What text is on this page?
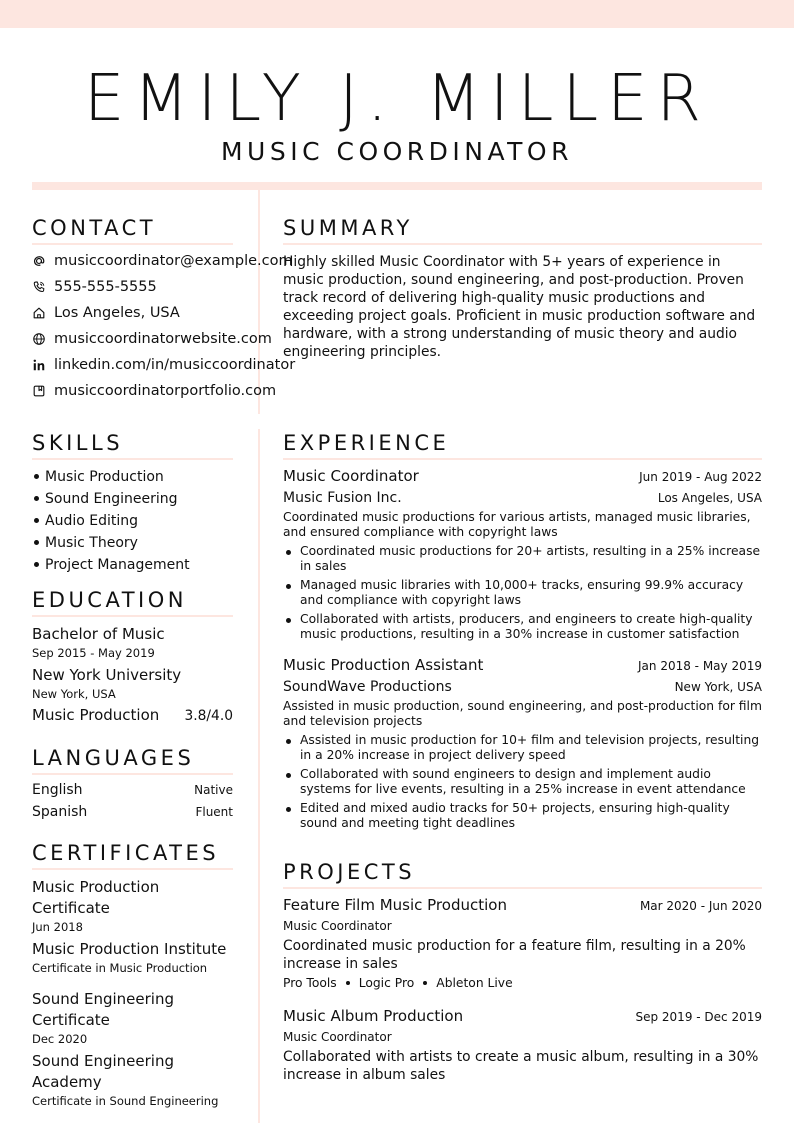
EMILY J. MILLER
MUSIC COORDINATOR
CONTACT
musiccoordinator@example.com
555-555-5555
Los Angeles, USA
musiccoordinatorwebsite.com
linkedin.com/in/musiccoordinator
musiccoordinatorportfolio.com
SUMMARY
Highly skilled Music Coordinator with 5+ years of experience in music production, sound engineering, and post-production. Proven track record of delivering high-quality music productions and exceeding project goals. Proficient in music production software and hardware, with a strong understanding of music theory and audio engineering principles.
SKILLS
Music Production
Sound Engineering
Audio Editing
Music Theory
Project Management
EDUCATION
Bachelor of Music
Sep 2015 - May 2019
New York University
New York, USA
Music Production 3.8/4.0
LANGUAGES
English	Native
Spanish	Fluent
CERTIFICATES
Music Production Certificate
Jun 2018
Music Production Institute
Certificate in Music Production
Sound Engineering Certificate
Dec 2020
Sound Engineering Academy
Certificate in Sound Engineering
EXPERIENCE
Music Coordinator	Jun 2019 - Aug 2022
Music Fusion Inc.	Los Angeles, USA
Coordinated music productions for various artists, managed music libraries, and ensured compliance with copyright laws
Coordinated music productions for 20+ artists, resulting in a 25% increase in sales
Managed music libraries with 10,000+ tracks, ensuring 99.9% accuracy and compliance with copyright laws
Collaborated with artists, producers, and engineers to create high-quality music productions, resulting in a 30% increase in customer satisfaction
Music Production Assistant	Jan 2018 - May 2019
SoundWave Productions	New York, USA
Assisted in music production, sound engineering, and post-production for film and television projects
Assisted in music production for 10+ film and television projects, resulting in a 20% increase in project delivery speed
Collaborated with sound engineers to design and implement audio systems for live events, resulting in a 25% increase in event attendance
Edited and mixed audio tracks for 50+ projects, ensuring high-quality sound and meeting tight deadlines
PROJECTS
Feature Film Music Production	Mar 2020 - Jun 2020
Music Coordinator
Coordinated music production for a feature film, resulting in a 20% increase in sales
Pro Tools Logic Pro Ableton Live
Music Album Production	Sep 2019 - Dec 2019
Music Coordinator
Collaborated with artists to create a music album, resulting in a 30% increase in album sales
